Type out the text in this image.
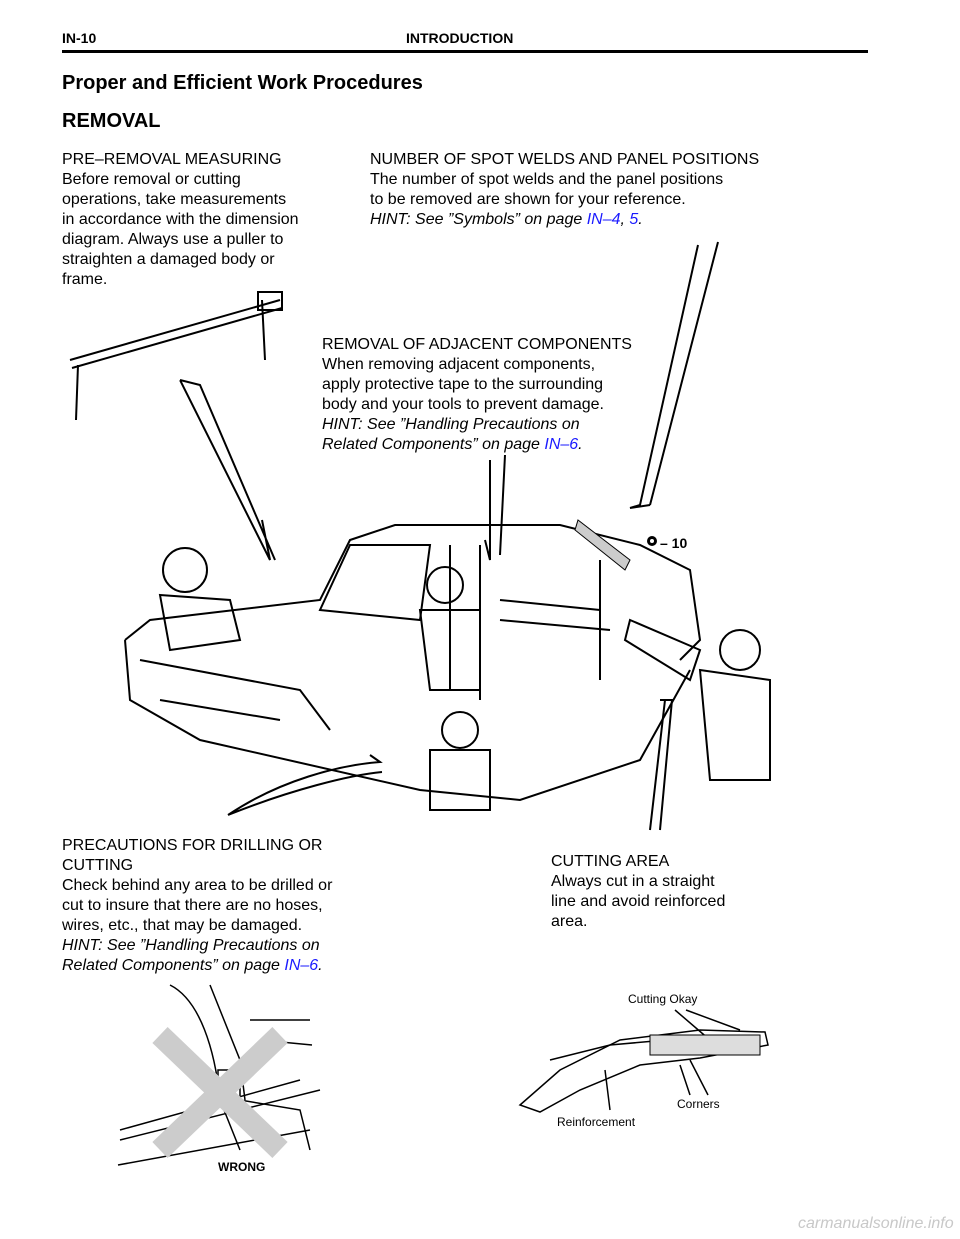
IN-10	INTRODUCTION
Proper and Efficient Work Procedures
REMOVAL
PRE–REMOVAL MEASURING
Before removal or cutting
operations, take measurements
in accordance with the dimension
diagram. Always use a puller to
straighten a damaged body or
frame.
NUMBER OF SPOT WELDS AND PANEL POSITIONS
The number of spot welds and the panel positions
to be removed are shown for your reference.
HINT: See ”Symbols” on page IN–4, 5.
carmanualsonline.info
– 10
REMOVAL OF ADJACENT COMPONENTS
When removing adjacent components,
apply protective tape to the surrounding
body and your tools to prevent damage.
HINT: See ”Handling Precautions on
Related Components” on page IN–6.
PRECAUTIONS FOR DRILLING OR
CUTTING
Check behind any area to be drilled or
cut to insure that there are no hoses,
wires, etc., that may be damaged.
HINT: See ”Handling Precautions on
Related Components” on page IN–6.
CUTTING AREA
Always cut in a straight
line and avoid reinforced
area.
WRONG
Cutting Okay
Corners
Reinforcement
